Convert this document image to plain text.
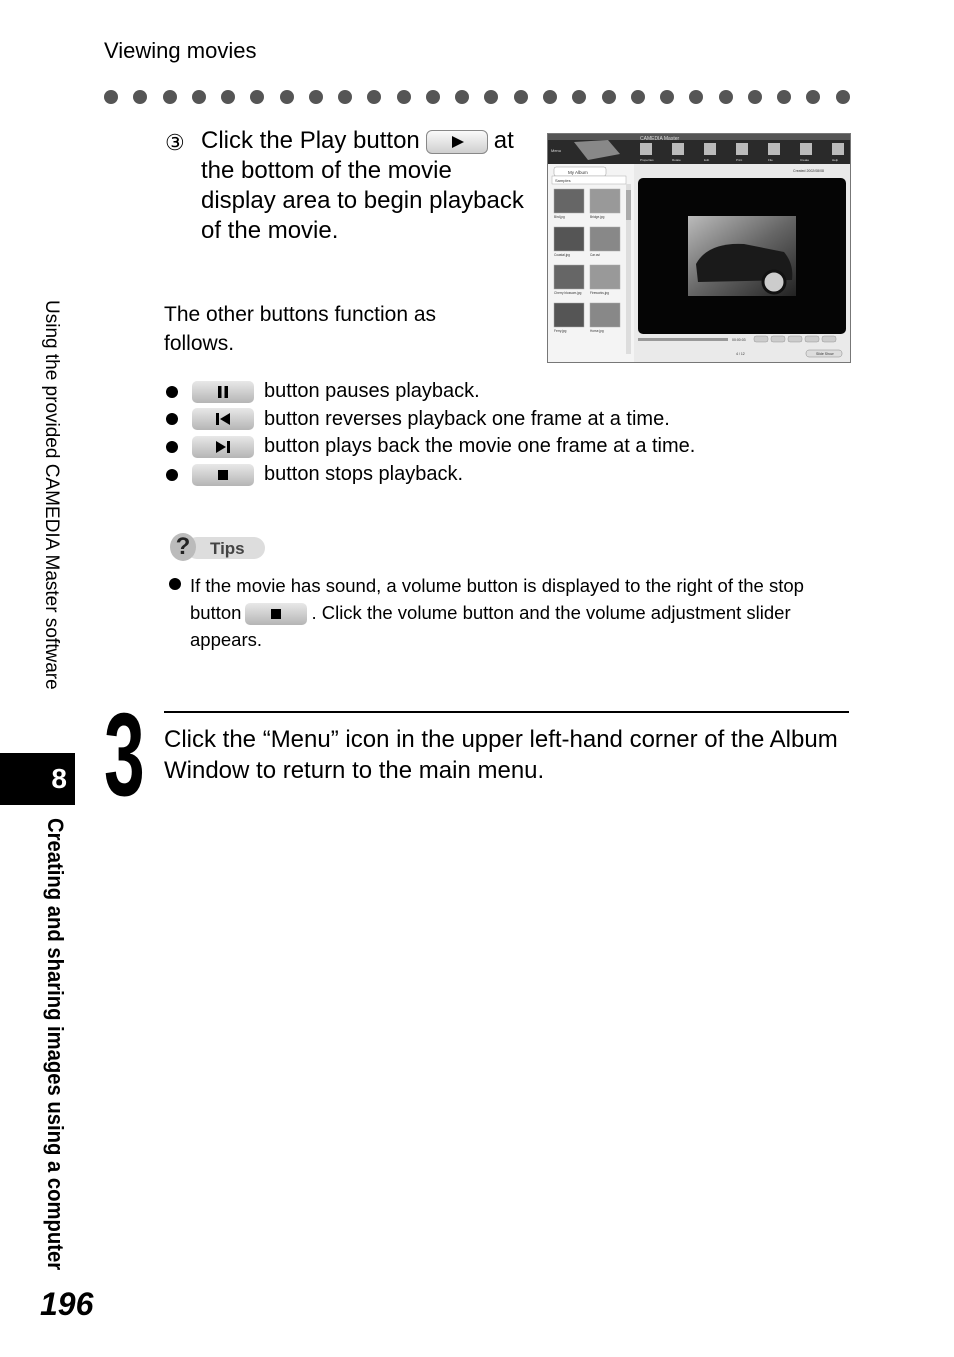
Viewing movies
③ Click the Play button	at the bottom of the movie display area to begin playback of the movie.
The other buttons function as follows.
CAMEDIA Master
Menu
Properties	Rotate	Edit	Print	File	Create	Help
My Album
Samples
Bird.jpg	Bridge.jpg
Coastal.jpg	Car.avi
Cherry blossom.jpg	Fireworks.jpg
Ferry.jpg	Horse.jpg
Created 2002/08/08
00:00:03
4 / 12	Slide Show
button pauses playback.
button reverses playback one frame at a time.
button plays back the movie one frame at a time.
button stops playback.
?	Tips
If the movie has sound, a volume button is displayed to the right of the stop button	. Click the volume button and the volume adjustment slider appears.
3 Click the “Menu” icon in the upper left-hand corner of the Album Window to return to the main menu.
Using the provided CAMEDIA Master software
8
Creating and sharing images using a computer
196
